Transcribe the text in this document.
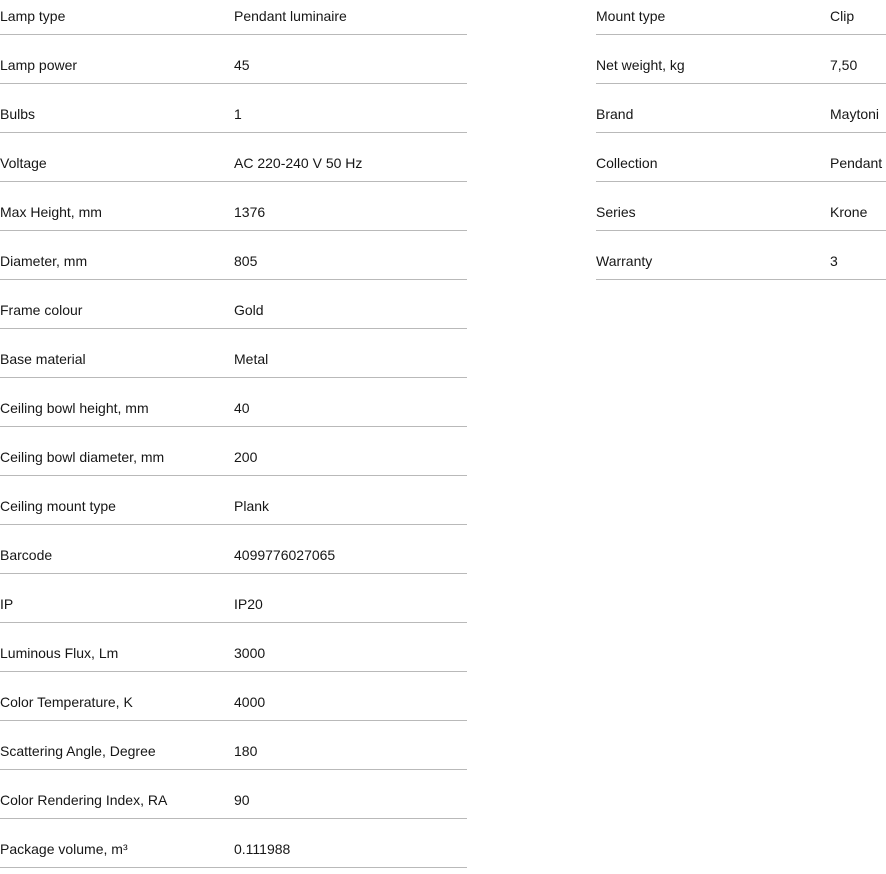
Lamp type	Pendant luminaire
Lamp power	45
Bulbs	1
Voltage	AC 220-240 V 50 Hz
Max Height, mm	1376
Diameter, mm	805
Frame colour	Gold
Base material	Metal
Ceiling bowl height, mm	40
Ceiling bowl diameter, mm	200
Ceiling mount type	Plank
Barcode	4099776027065
IP	IP20
Luminous Flux, Lm	3000
Color Temperature, K	4000
Scattering Angle, Degree	180
Color Rendering Index, RA	90
Package volume, m³	0.111988
Mount type	Clip
Net weight, kg	7,50
Brand	Maytoni
Collection	Pendant
Series	Krone
Warranty	3
